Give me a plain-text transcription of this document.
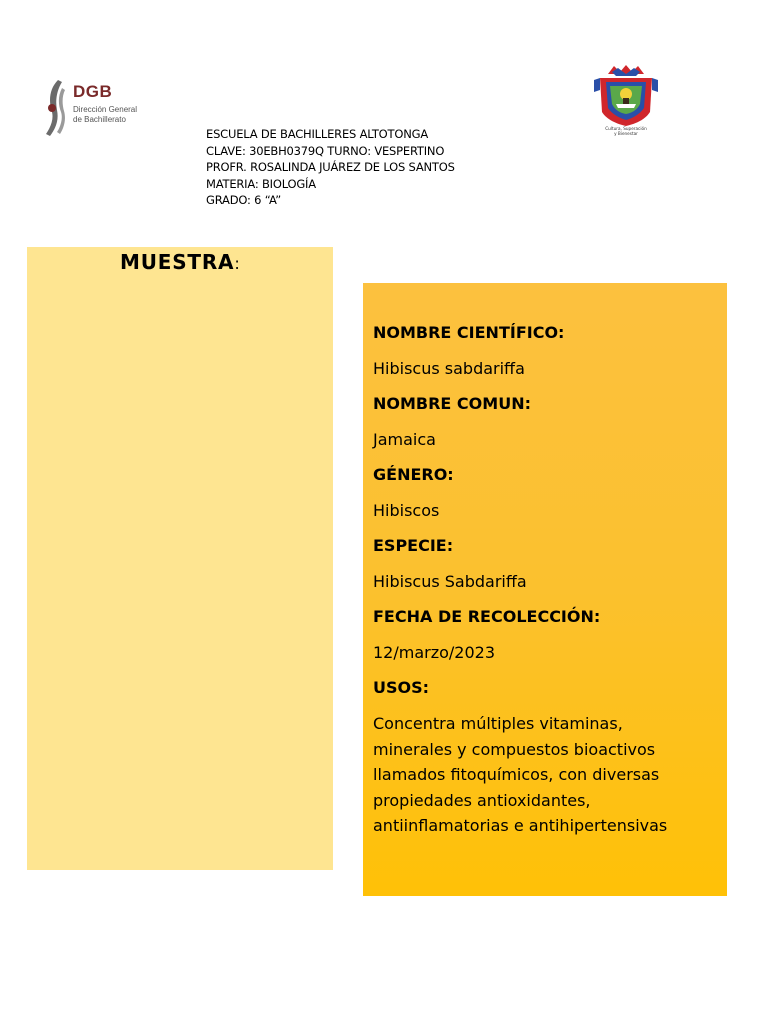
DGB
Dirección General
de Bachillerato
Cultura, Superación
y Bienestar
ESCUELA DE BACHILLERES ALTOTONGA
CLAVE: 30EBH0379Q TURNO: VESPERTINO
PROFR. ROSALINDA JUÁREZ DE LOS SANTOS
MATERIA: BIOLOGÍA
GRADO: 6 “A”
MUESTRA:
NOMBRE CIENTÍFICO:
Hibiscus sabdariffa
NOMBRE COMUN:
Jamaica
GÉNERO:
Hibiscos
ESPECIE:
Hibiscus Sabdariffa
FECHA DE RECOLECCIÓN:
12/marzo/2023
USOS:
Concentra múltiples vitaminas,
minerales y compuestos bioactivos
llamados fitoquímicos, con diversas
propiedades antioxidantes,
antiinflamatorias e antihipertensivas
